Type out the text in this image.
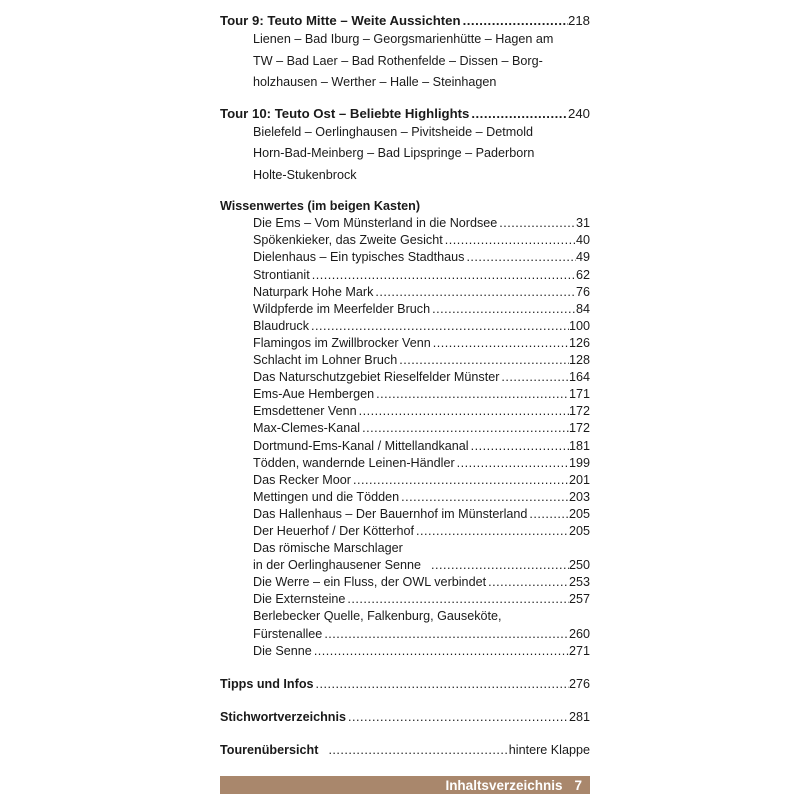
Tour 9: Teuto Mitte – Weite Aussichten .....	218
Lienen – Bad Iburg – Georgsmarienhütte – Hagen am
TW – Bad Laer – Bad Rothenfelde – Dissen – Borg-
holzhausen – Werther – Halle – Steinhagen
Tour 10: Teuto Ost – Beliebte Highlights .....	240
Bielefeld – Oerlinghausen – Pivitsheide – Detmold
Horn-Bad-Meinberg – Bad Lipspringe – Paderborn
Holte-Stukenbrock
Wissenwertes (im beigen Kasten)
Die Ems – Vom Münsterland in die Nordsee .....	31
Spökenkieker, das Zweite Gesicht .....	40
Dielenhaus – Ein typisches Stadthaus .....	49
Strontianit .....	62
Naturpark Hohe Mark .....	76
Wildpferde im Meerfelder Bruch .....	84
Blaudruck .....	100
Flamingos im Zwillbrocker Venn .....	126
Schlacht im Lohner Bruch .....	128
Das Naturschutzgebiet Rieselfelder Münster .....	164
Ems-Aue Hembergen .....	171
Emsdettener Venn .....	172
Max-Clemes-Kanal .....	172
Dortmund-Ems-Kanal / Mittellandkanal .....	181
Tödden, wandernde Leinen-Händler .....	199
Das Recker Moor .....	201
Mettingen und die Tödden .....	203
Das Hallenhaus – Der Bauernhof im Münsterland .....	205
Der Heuerhof / Der Kötterhof .....	205
Das römische Marschlager
in der Oerlinghausener Senne .....	250
Die Werre – ein Fluss, der OWL verbindet .....	253
Die Externsteine .....	257
Berlebecker Quelle, Falkenburg, Gauseköte,
Fürstenallee .....	260
Die Senne .....	271
Tipps und Infos .....	276
Stichwortverzeichnis .....	281
Tourenübersicht .....	hintere Klappe
Inhaltsverzeichnis 7
